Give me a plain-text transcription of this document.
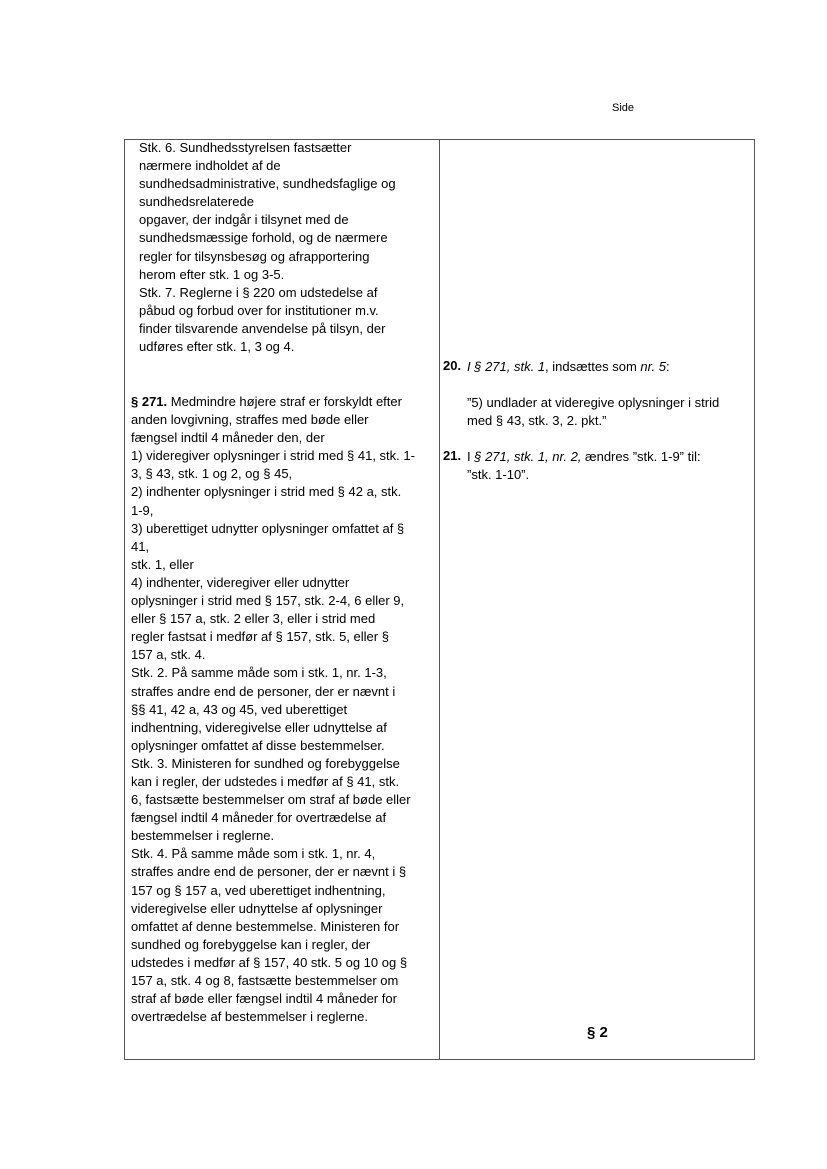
Side
Stk. 6. Sundhedsstyrelsen fastsætter
nærmere indholdet af de
sundhedsadministrative, sundhedsfaglige og
sundhedsrelaterede
opgaver, der indgår i tilsynet med de
sundhedsmæssige forhold, og de nærmere
regler for tilsynsbesøg og afrapportering
herom efter stk. 1 og 3-5.
Stk. 7. Reglerne i § 220 om udstedelse af
påbud og forbud over for institutioner m.v.
finder tilsvarende anvendelse på tilsyn, der
udføres efter stk. 1, 3 og 4.
§ 271. Medmindre højere straf er forskyldt efter
anden lovgivning, straffes med bøde eller
fængsel indtil 4 måneder den, der
1) videregiver oplysninger i strid med § 41, stk. 1-
3, § 43, stk. 1 og 2, og § 45,
2) indhenter oplysninger i strid med § 42 a, stk.
1-9,
3) uberettiget udnytter oplysninger omfattet af §
41,
stk. 1, eller
4) indhenter, videregiver eller udnytter
oplysninger i strid med § 157, stk. 2-4, 6 eller 9,
eller § 157 a, stk. 2 eller 3, eller i strid med
regler fastsat i medfør af § 157, stk. 5, eller §
157 a, stk. 4.
Stk. 2. På samme måde som i stk. 1, nr. 1-3,
straffes andre end de personer, der er nævnt i
§§ 41, 42 a, 43 og 45, ved uberettiget
indhentning, videregivelse eller udnyttelse af
oplysninger omfattet af disse bestemmelser.
Stk. 3. Ministeren for sundhed og forebyggelse
kan i regler, der udstedes i medfør af § 41, stk.
6, fastsætte bestemmelser om straf af bøde eller
fængsel indtil 4 måneder for overtrædelse af
bestemmelser i reglerne.
Stk. 4. På samme måde som i stk. 1, nr. 4,
straffes andre end de personer, der er nævnt i §
157 og § 157 a, ved uberettiget indhentning,
videregivelse eller udnyttelse af oplysninger
omfattet af denne bestemmelse. Ministeren for
sundhed og forebyggelse kan i regler, der
udstedes i medfør af § 157, 40 stk. 5 og 10 og §
157 a, stk. 4 og 8, fastsætte bestemmelser om
straf af bøde eller fængsel indtil 4 måneder for
overtrædelse af bestemmelser i reglerne.
20. I § 271, stk. 1, indsættes som nr. 5:
”5) undlader at videregive oplysninger i strid
med § 43, stk. 3, 2. pkt.”
21. I § 271, stk. 1, nr. 2, ændres ”stk. 1-9” til:
”stk. 1-10”.
§ 2
